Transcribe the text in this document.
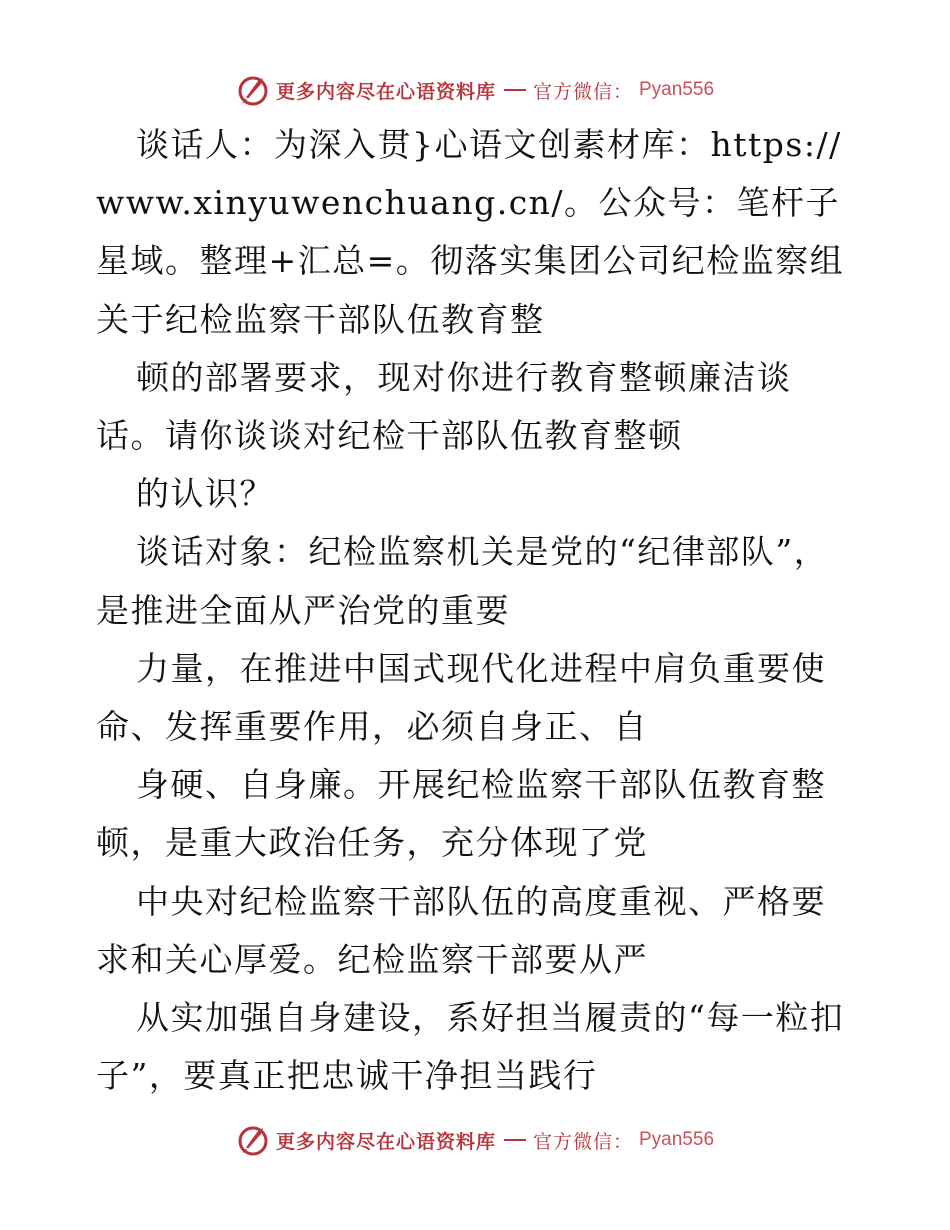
更多内容尽在心语资料库 官方微信： Pyan556

谈话人：为深入贯}心语文创素材库：https://www.xinyuwenchuang.cn/。公众号：笔杆子星域。整理+汇总=。彻落实集团公司纪检监察组关于纪检监察干部队伍教育整

顿的部署要求，现对你进行教育整顿廉洁谈话。请你谈谈对纪检干部队伍教育整顿

的认识？

谈话对象：纪检监察机关是党的“纪律部队”，是推进全面从严治党的重要

力量，在推进中国式现代化进程中肩负重要使命、发挥重要作用，必须自身正、自

身硬、自身廉。开展纪检监察干部队伍教育整顿，是重大政治任务，充分体现了党

中央对纪检监察干部队伍的高度重视、严格要求和关心厚爱。纪检监察干部要从严

从实加强自身建设，系好担当履责的“每一粒扣子”，要真正把忠诚干净担当践行

更多内容尽在心语资料库 官方微信： Pyan556
